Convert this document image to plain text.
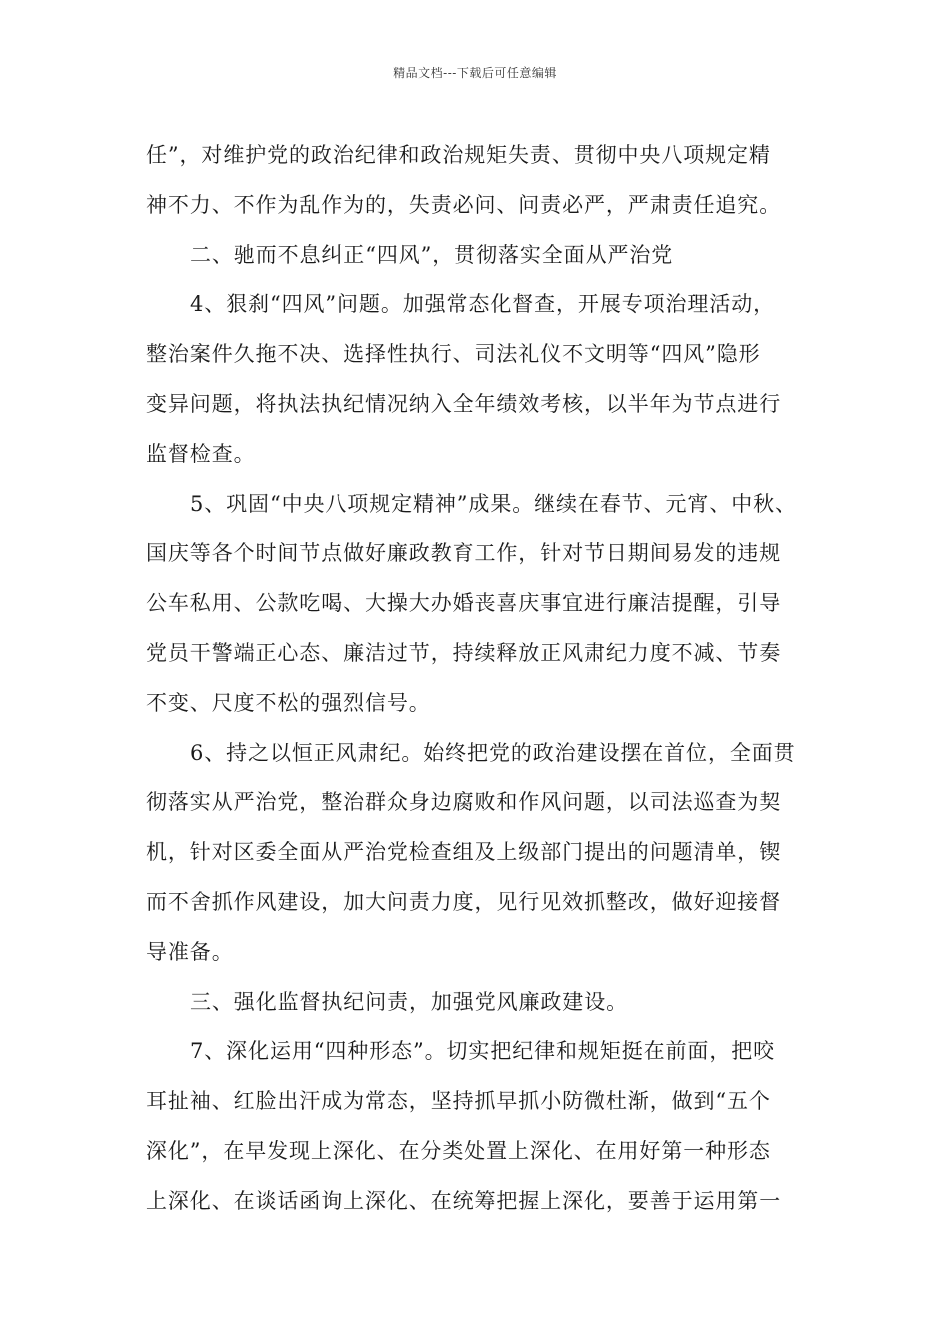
精品文档---下载后可任意编辑
任”，对维护党的政治纪律和政治规矩失责、贯彻中央八项规定精
神不力、不作为乱作为的，失责必问、问责必严，严肃责任追究。
二、驰而不息纠正“四风”，贯彻落实全面从严治党
4、狠刹“四风”问题。加强常态化督查，开展专项治理活动，
整治案件久拖不决、选择性执行、司法礼仪不文明等“四风”隐形
变异问题，将执法执纪情况纳入全年绩效考核，以半年为节点进行
监督检查。
5、巩固“中央八项规定精神”成果。继续在春节、元宵、中秋、
国庆等各个时间节点做好廉政教育工作，针对节日期间易发的违规
公车私用、公款吃喝、大操大办婚丧喜庆事宜进行廉洁提醒，引导
党员干警端正心态、廉洁过节，持续释放正风肃纪力度不减、节奏
不变、尺度不松的强烈信号。
6、持之以恒正风肃纪。始终把党的政治建设摆在首位，全面贯
彻落实从严治党，整治群众身边腐败和作风问题，以司法巡查为契
机，针对区委全面从严治党检查组及上级部门提出的问题清单，锲
而不舍抓作风建设，加大问责力度，见行见效抓整改，做好迎接督
导准备。
三、强化监督执纪问责，加强党风廉政建设。
7、深化运用“四种形态”。切实把纪律和规矩挺在前面，把咬
耳扯袖、红脸出汗成为常态，坚持抓早抓小防微杜渐，做到“五个
深化”，在早发现上深化、在分类处置上深化、在用好第一种形态
上深化、在谈话函询上深化、在统筹把握上深化，要善于运用第一
